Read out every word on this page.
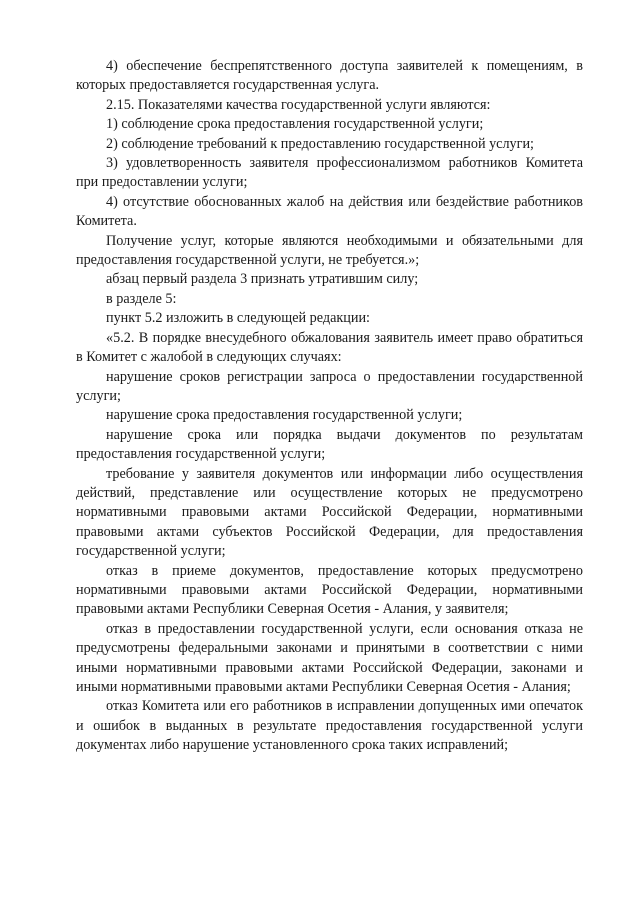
4) обеспечение беспрепятственного доступа заявителей к помещениям, в которых предоставляется государственная услуга.

2.15. Показателями качества государственной услуги являются:

1) соблюдение срока предоставления государственной услуги;

2) соблюдение требований к предоставлению государственной услуги;

3) удовлетворенность заявителя профессионализмом работников Комитета при предоставлении услуги;

4) отсутствие обоснованных жалоб на действия или бездействие работников Комитета.

Получение услуг, которые являются необходимыми и обязательными для предоставления государственной услуги, не требуется.»;

абзац первый раздела 3 признать утратившим силу;

в разделе 5:

пункт 5.2 изложить в следующей редакции:

«5.2. В порядке внесудебного обжалования заявитель имеет право обратиться в Комитет с жалобой в следующих случаях:

нарушение сроков регистрации запроса о предоставлении государственной услуги;

нарушение срока предоставления государственной услуги;

нарушение срока или порядка выдачи документов по результатам предоставления государственной услуги;

требование у заявителя документов или информации либо осуществления действий, представление или осуществление которых не предусмотрено нормативными правовыми актами Российской Федерации, нормативными правовыми актами субъектов Российской Федерации, для предоставления государственной услуги;

отказ в приеме документов, предоставление которых предусмотрено нормативными правовыми актами Российской Федерации, нормативными правовыми актами Республики Северная Осетия - Алания, у заявителя;

отказ в предоставлении государственной услуги, если основания отказа не предусмотрены федеральными законами и принятыми в соответствии с ними иными нормативными правовыми актами Российской Федерации, законами и иными нормативными правовыми актами Республики Северная Осетия - Алания;

отказ Комитета или его работников в исправлении допущенных ими опечаток и ошибок в выданных в результате предоставления государственной услуги документах либо нарушение установленного срока таких исправлений;
